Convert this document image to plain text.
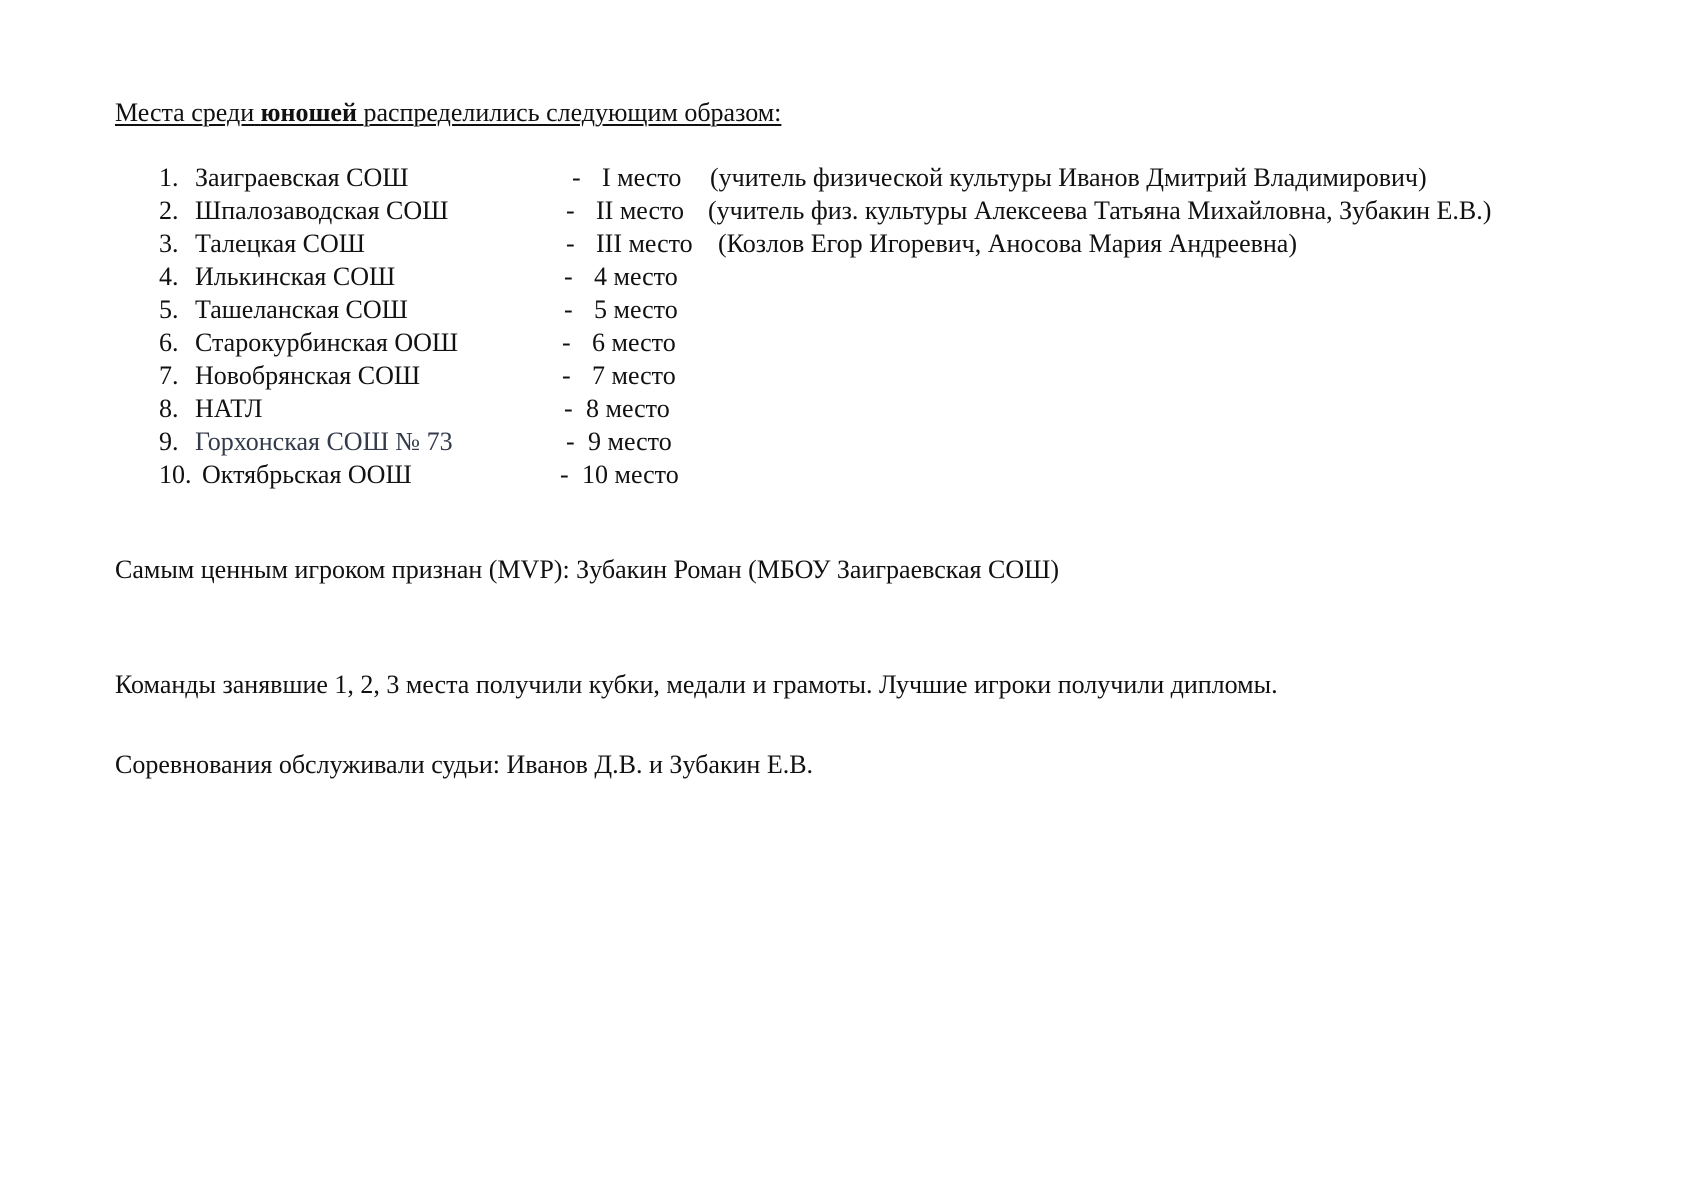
Места среди юношей распределились следующим образом:
1. Заиграевская СОШ	- I место (учитель физической культуры Иванов Дмитрий Владимирович)
2. Шпалозаводская СОШ	- II место (учитель физ. культуры Алексеева Татьяна Михайловна, Зубакин Е.В.)
3. Талецкая СОШ	- III место (Козлов Егор Игоревич, Аносова Мария Андреевна)
4. Илькинская СОШ	- 4 место
5. Ташеланская СОШ	- 5 место
6. Старокурбинская ООШ	- 6 место
7. Новобрянская СОШ	- 7 место
8. НАТЛ	- 8 место
9. Горхонская СОШ № 73	- 9 место
10. Октябрьская ООШ	- 10 место
Самым ценным игроком признан (MVP): Зубакин Роман (МБОУ Заиграевская СОШ)
Команды занявшие 1, 2, 3 места получили кубки, медали и грамоты. Лучшие игроки получили дипломы.
Соревнования обслуживали судьи: Иванов Д.В. и Зубакин Е.В.
